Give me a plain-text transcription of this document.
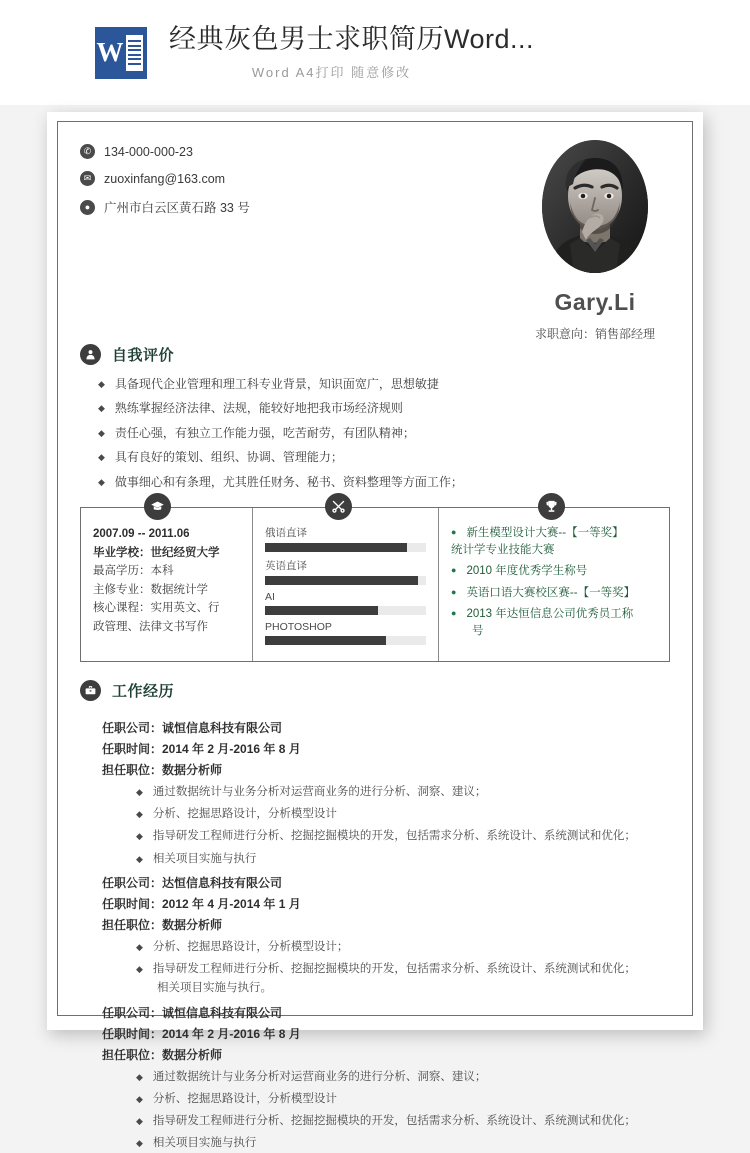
W 经典灰色男士求职简历Word...
Word A4打印 随意修改
✆ 134-000-000-23
✉ zuoxinfang@163.com
●	广州市白云区黄石路 33 号
Gary.Li
求职意向：销售部经理
自我评价
◆ 具备现代企业管理和理工科专业背景，知识面宽广，思想敏捷
◆ 熟练掌握经济法律、法规，能较好地把我市场经济规则
◆ 责任心强，有独立工作能力强，吃苦耐劳，有团队精神；
◆ 具有良好的策划、组织、协调、管理能力；
◆ 做事细心和有条理，尤其胜任财务、秘书、资料整理等方面工作；
2007.09 -- 2011.06
毕业学校：世纪经贸大学
最高学历：本科
主修专业：数据统计学
核心课程：实用英文、行
政管理、法律文书写作
俄语直译
英语直译
AI
PHOTOSHOP
● 新生模型设计大赛--【一等奖】
统计学专业技能大赛
● 2010 年度优秀学生称号
● 英语口语大赛校区赛--【一等奖】
● 2013 年达恒信息公司优秀员工称
号
工作经历
任职公司：诚恒信息科技有限公司
任职时间：2014 年 2 月-2016 年 8 月
担任职位：数据分析师
◆ 通过数据统计与业务分析对运营商业务的进行分析、洞察、建议；
◆ 分析、挖掘思路设计，分析模型设计
◆ 指导研发工程师进行分析、挖掘挖掘模块的开发，包括需求分析、系统设计、系统测试和优化；
◆ 相关项目实施与执行
任职公司：达恒信息科技有限公司
任职时间：2012 年 4 月-2014 年 1 月
担任职位：数据分析师
◆ 分析、挖掘思路设计，分析模型设计；
◆ 指导研发工程师进行分析、挖掘挖掘模块的开发，包括需求分析、系统设计、系统测试和优化；
相关项目实施与执行。
任职公司：诚恒信息科技有限公司
任职时间：2014 年 2 月-2016 年 8 月
担任职位：数据分析师
◆ 通过数据统计与业务分析对运营商业务的进行分析、洞察、建议；
◆ 分析、挖掘思路设计，分析模型设计
◆ 指导研发工程师进行分析、挖掘挖掘模块的开发，包括需求分析、系统设计、系统测试和优化；
◆ 相关项目实施与执行
